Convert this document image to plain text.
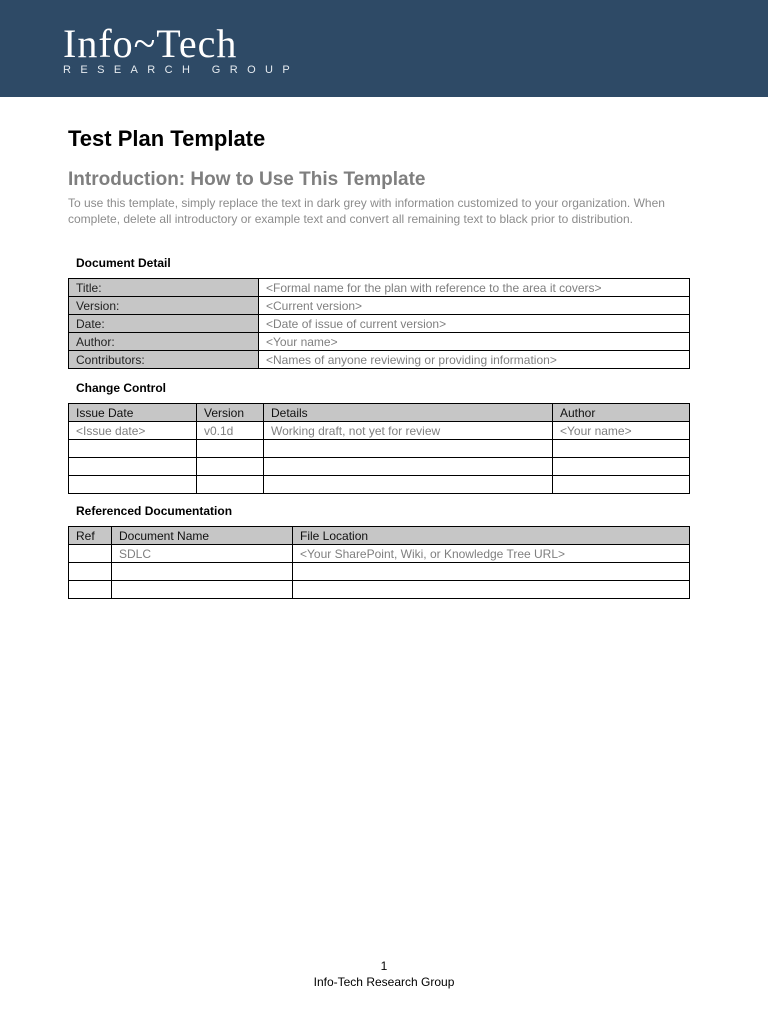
Info~Tech
RESEARCH GROUP
Test Plan Template
Introduction: How to Use This Template

To use this template, simply replace the text in dark grey with information customized to your organization. When complete, delete all introductory or example text and convert all remaining text to black prior to distribution.

Document Detail

Title:	<Formal name for the plan with reference to the area it covers>
Version:	<Current version>
Date:	<Date of issue of current version>
Author:	<Your name>
Contributors:	<Names of anyone reviewing or providing information>

Change Control

Issue Date	Version	Details	Author
<Issue date>	v0.1d	Working draft, not yet for review	<Your name>

Referenced Documentation

Ref	Document Name	File Location
	SDLC	<Your SharePoint, Wiki, or Knowledge Tree URL>

1
Info-Tech Research Group
